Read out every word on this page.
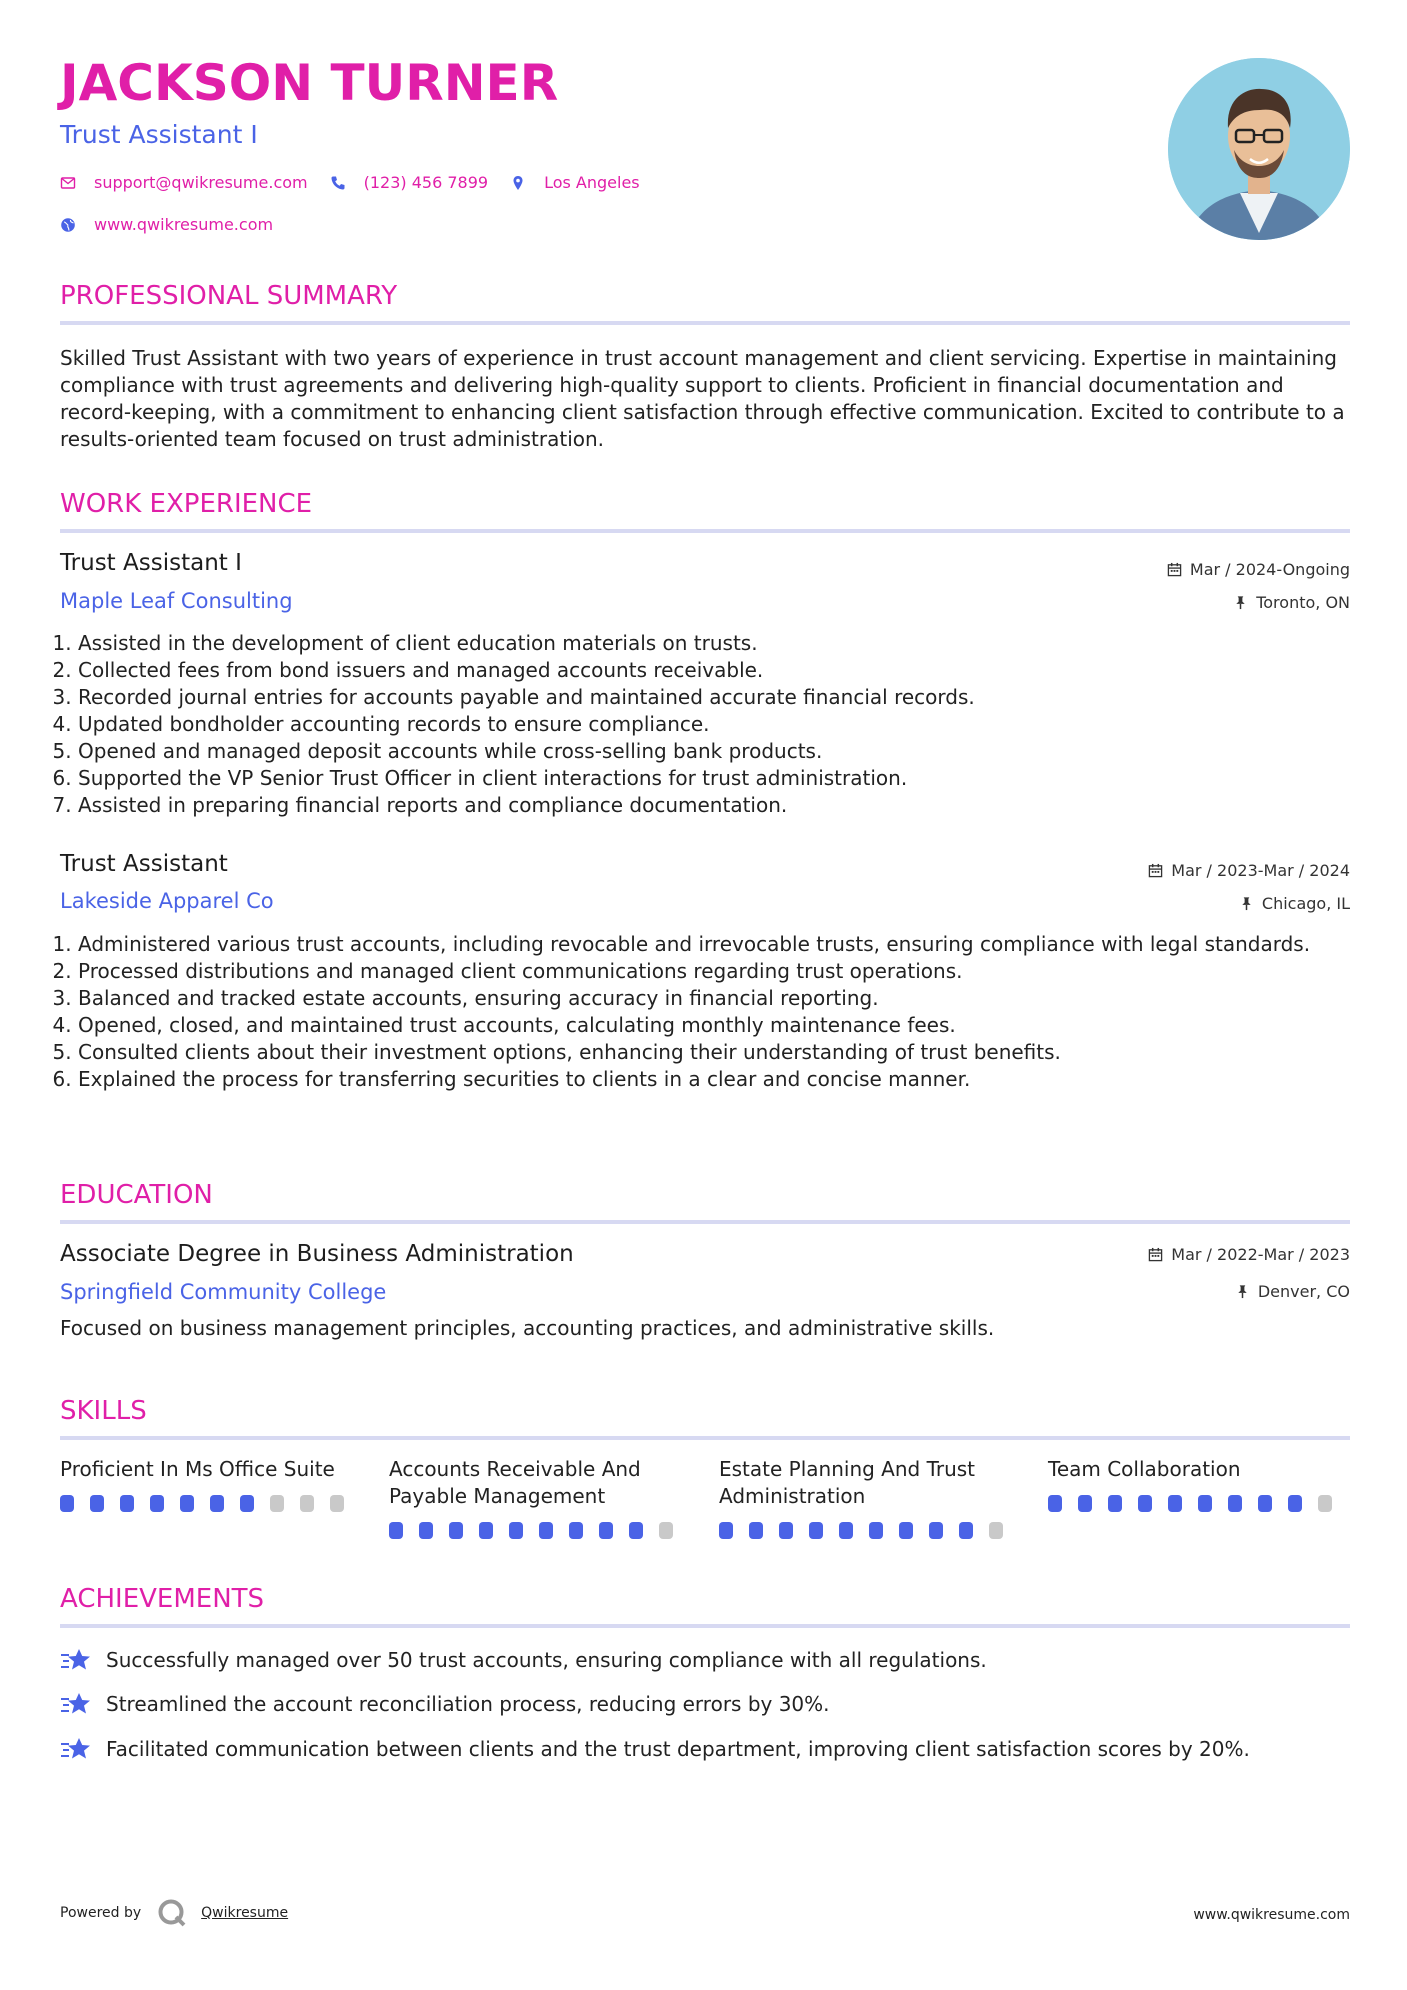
JACKSON TURNER
Trust Assistant I
support@qwikresume.com	(123) 456 7899	Los Angeles
www.qwikresume.com
PROFESSIONAL SUMMARY
Skilled Trust Assistant with two years of experience in trust account management and client servicing. Expertise in maintaining compliance with trust agreements and delivering high-quality support to clients. Proficient in financial documentation and record-keeping, with a commitment to enhancing client satisfaction through effective communication. Excited to contribute to a results-oriented team focused on trust administration.
WORK EXPERIENCE
Trust Assistant I
Maple Leaf Consulting
Mar / 2024-Ongoing
Toronto, ON
1. Assisted in the development of client education materials on trusts.
2. Collected fees from bond issuers and managed accounts receivable.
3. Recorded journal entries for accounts payable and maintained accurate financial records.
4. Updated bondholder accounting records to ensure compliance.
5. Opened and managed deposit accounts while cross-selling bank products.
6. Supported the VP Senior Trust Officer in client interactions for trust administration.
7. Assisted in preparing financial reports and compliance documentation.
Trust Assistant
Lakeside Apparel Co
Mar / 2023-Mar / 2024
Chicago, IL
1. Administered various trust accounts, including revocable and irrevocable trusts, ensuring compliance with legal standards.
2. Processed distributions and managed client communications regarding trust operations.
3. Balanced and tracked estate accounts, ensuring accuracy in financial reporting.
4. Opened, closed, and maintained trust accounts, calculating monthly maintenance fees.
5. Consulted clients about their investment options, enhancing their understanding of trust benefits.
6. Explained the process for transferring securities to clients in a clear and concise manner.
EDUCATION
Associate Degree in Business Administration
Springfield Community College
Mar / 2022-Mar / 2023
Denver, CO
Focused on business management principles, accounting practices, and administrative skills.
SKILLS
Proficient In Ms Office Suite	Accounts Receivable And Payable Management
Estate Planning And Trust Administration
Team Collaboration
ACHIEVEMENTS
Successfully managed over 50 trust accounts, ensuring compliance with all regulations.
Streamlined the account reconciliation process, reducing errors by 30%.
Facilitated communication between clients and the trust department, improving client satisfaction scores by 20%.
Powered by	Qwikresume	www.qwikresume.com
